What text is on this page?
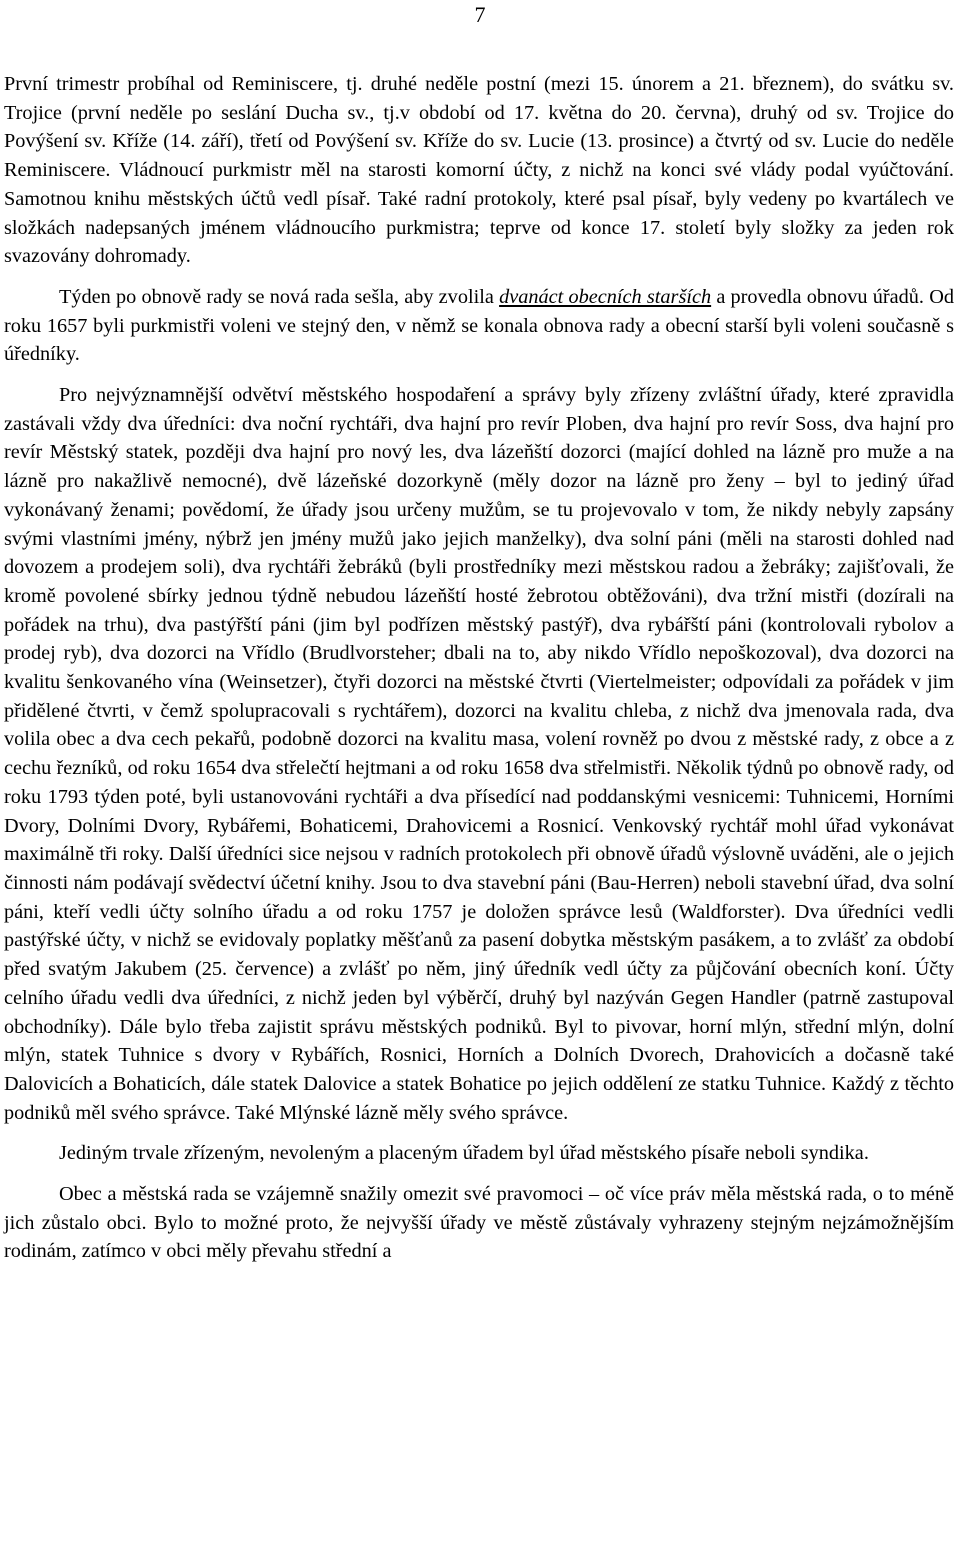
7

První trimestr probíhal od Reminiscere, tj. druhé neděle postní (mezi 15. únorem a 21. březnem), do svátku sv. Trojice (první neděle po seslání Ducha sv., tj.v období od 17. května do 20. června), druhý od sv. Trojice do Povýšení sv. Kříže (14. září), třetí od Povýšení sv. Kříže do sv. Lucie (13. prosince) a čtvrtý od sv. Lucie do neděle Reminiscere. Vládnoucí purkmistr měl na starosti komorní účty, z nichž na konci své vlády podal vyúčtování. Samotnou knihu městských účtů vedl písař. Také radní protokoly, které psal písař, byly vedeny po kvartálech ve složkách nadepsaných jménem vládnoucího purkmistra; teprve od konce 17. století byly složky za jeden rok svazovány dohromady.

Týden po obnově rady se nová rada sešla, aby zvolila dvanáct obecních starších a provedla obnovu úřadů. Od roku 1657 byli purkmistři voleni ve stejný den, v němž se konala obnova rady a obecní starší byli voleni současně s úředníky.

Pro nejvýznamnější odvětví městského hospodaření a správy byly zřízeny zvláštní úřady, které zpravidla zastávali vždy dva úředníci: dva noční rychtáři, dva hajní pro revír Ploben, dva hajní pro revír Soss, dva hajní pro revír Městský statek, později dva hajní pro nový les, dva lázeňští dozorci (mající dohled na lázně pro muže a na lázně pro nakažlivě nemocné), dvě lázeňské dozorkyně (měly dozor na lázně pro ženy – byl to jediný úřad vykonávaný ženami; povědomí, že úřady jsou určeny mužům, se tu projevovalo v tom, že nikdy nebyly zapsány svými vlastními jmény, nýbrž jen jmény mužů jako jejich manželky), dva solní páni (měli na starosti dohled nad dovozem a prodejem soli), dva rychtáři žebráků (byli prostředníky mezi městskou radou a žebráky; zajišťovali, že kromě povolené sbírky jednou týdně nebudou lázeňští hosté žebrotou obtěžováni), dva tržní mistři (dozírali na pořádek na trhu), dva pastýřští páni (jim byl podřízen městský pastýř), dva rybářští páni (kontrolovali rybolov a prodej ryb), dva dozorci na Vřídlo (Brudlvorsteher; dbali na to, aby nikdo Vřídlo nepoškozoval), dva dozorci na kvalitu šenkovaného vína (Weinsetzer), čtyři dozorci na městské čtvrti (Viertelmeister; odpovídali za pořádek v jim přidělené čtvrti, v čemž spolupracovali s rychtářem), dozorci na kvalitu chleba, z nichž dva jmenovala rada, dva volila obec a dva cech pekařů, podobně dozorci na kvalitu masa, volení rovněž po dvou z městské rady, z obce a z cechu řezníků, od roku 1654 dva střelečtí hejtmani a od roku 1658 dva střelmistři. Několik týdnů po obnově rady, od roku 1793 týden poté, byli ustanovováni rychtáři a dva přísedící nad poddanskými vesnicemi: Tuhnicemi, Horními Dvory, Dolními Dvory, Rybářemi, Bohaticemi, Drahovicemi a Rosnicí. Venkovský rychtář mohl úřad vykonávat maximálně tři roky. Další úředníci sice nejsou v radních protokolech při obnově úřadů výslovně uváděni, ale o jejich činnosti nám podávají svědectví účetní knihy. Jsou to dva stavební páni (Bau-Herren) neboli stavební úřad, dva solní páni, kteří vedli účty solního úřadu a od roku 1757 je doložen správce lesů (Waldforster). Dva úředníci vedli pastýřské účty, v nichž se evidovaly poplatky měšťanů za pasení dobytka městským pasákem, a to zvlášť za období před svatým Jakubem (25. července) a zvlášť po něm, jiný úředník vedl účty za půjčování obecních koní. Účty celního úřadu vedli dva úředníci, z nichž jeden byl výběrčí, druhý byl nazýván Gegen Handler (patrně zastupoval obchodníky). Dále bylo třeba zajistit správu městských podniků. Byl to pivovar, horní mlýn, střední mlýn, dolní mlýn, statek Tuhnice s dvory v Rybářích, Rosnici, Horních a Dolních Dvorech, Drahovicích a dočasně také Dalovicích a Bohaticích, dále statek Dalovice a statek Bohatice po jejich oddělení ze statku Tuhnice. Každý z těchto podniků měl svého správce. Také Mlýnské lázně měly svého správce.

Jediným trvale zřízeným, nevoleným a placeným úřadem byl úřad městského písaře neboli syndika.

Obec a městská rada se vzájemně snažily omezit své pravomoci – oč více práv měla městská rada, o to méně jich zůstalo obci. Bylo to možné proto, že nejvyšší úřady ve městě zůstávaly vyhrazeny stejným nejzámožnějším rodinám, zatímco v obci měly převahu střední a
